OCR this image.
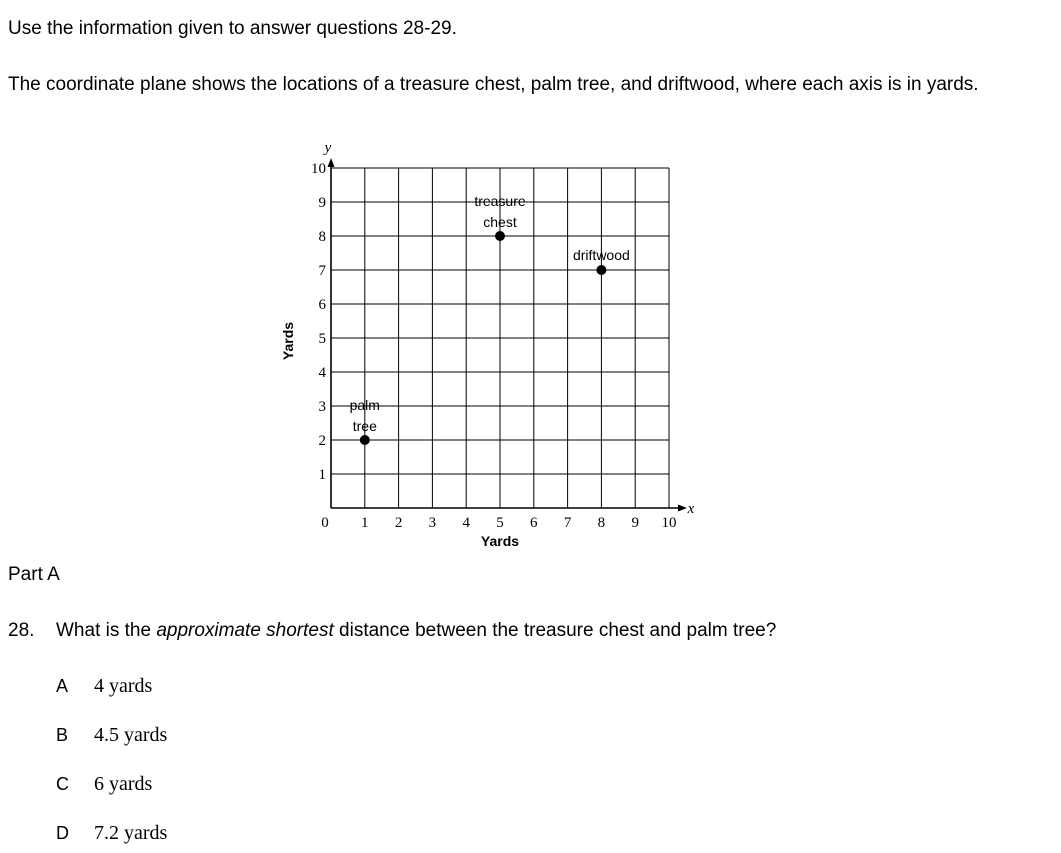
Use the information given to answer questions 28-29.
The coordinate plane shows the locations of a treasure chest, palm tree, and driftwood, where each axis is in yards.
0 1 2 3 4 5 6 7 8 9 10
1
2
3
4
5
6
7
8
9
10
treasure
chest
driftwood
palm
tree
y
x
Yards
Yards
Part A
28. What is the approximate shortest distance between the treasure chest and palm tree?
A	4 yards
B	4.5 yards
C	6 yards
D	7.2 yards
